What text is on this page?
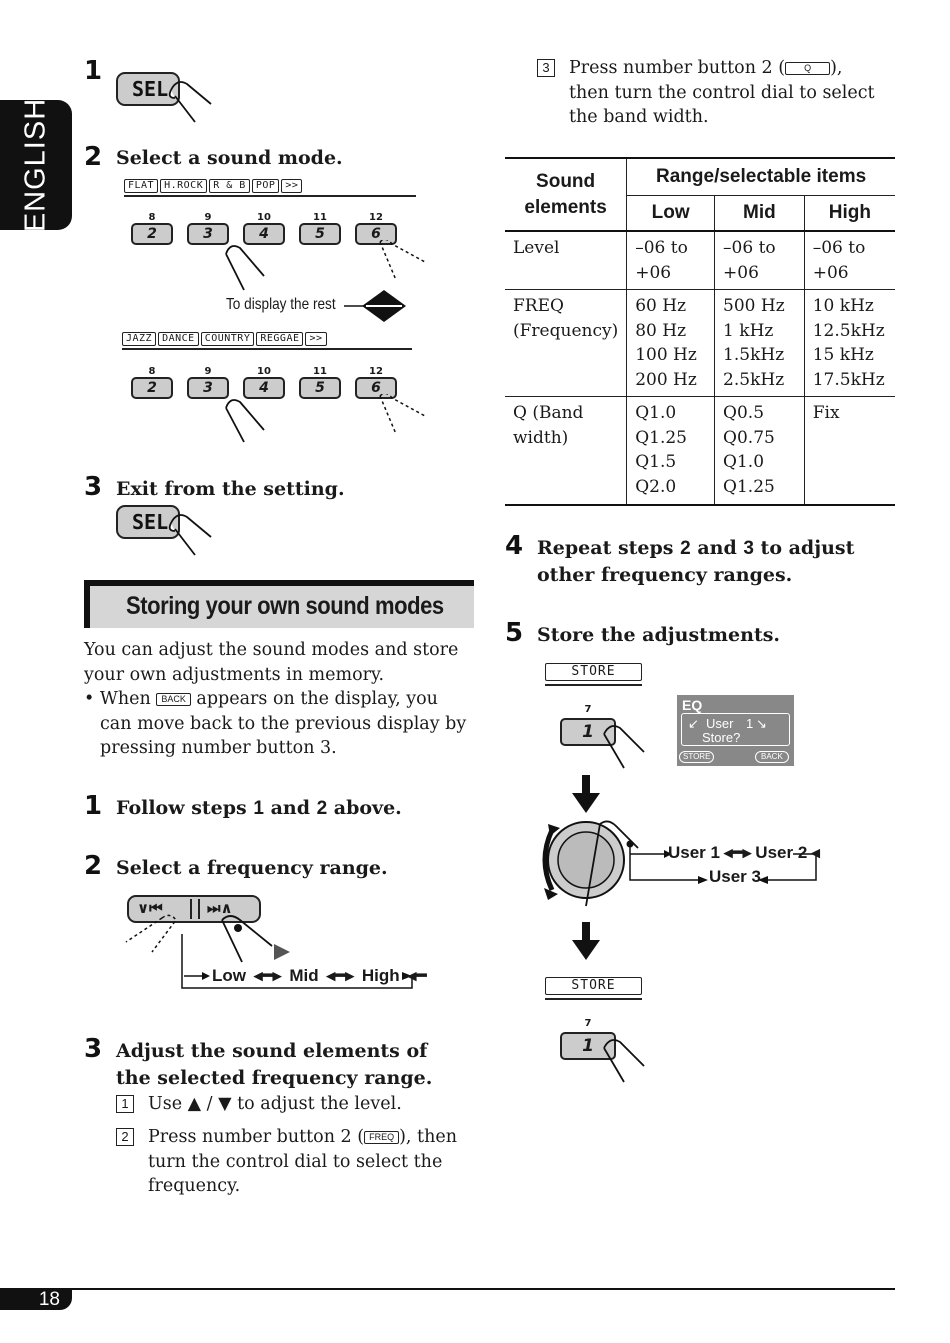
ENGLISH
1
SEL
2 Select a sound mode.
FLAT	H.ROCK	R & B	POP	>>
8
2
9
3
10
4
11
5
12
6
To display the rest
JAZZ	DANCE	COUNTRY	REGGAE	>>
8
2
9
3
10
4
11
5
12
6
3 Exit from the setting.
SEL
Storing your own sound modes
You can adjust the sound modes and store your own adjustments in memory.
• When BACK appears on the display, you can move back to the previous display by pressing number button 3.
1 Follow steps 1 and 2 above.
2 Select a frequency range.
∨⏮	⏭∧
Low ◂━▸ Mid ◂━▸ High ◂━
3 Adjust the sound elements of the selected frequency range.
1	Use ▲ / ▼ to adjust the level.
2	Press number button 2 ( FREQ ), then turn the control dial to select the frequency.
3	Press number button 2 ( Q ), then turn the control dial to select the band width.
Sound elements	Range/selectable items		
	Low	Mid	High
Level	–06 to +06	–06 to +06	–06 to +06
FREQ (Frequency)	60 Hz 80 Hz 100 Hz 200 Hz	500 Hz 1 kHz 1.5kHz 2.5kHz	10 kHz 12.5kHz 15 kHz 17.5kHz
Q (Band width)	Q1.0 Q1.25 Q1.5 Q2.0	Q0.5 Q0.75 Q1.0 Q1.25	Fix
4 Repeat steps 2 and 3 to adjust other frequency ranges.
5 Store the adjustments.
STORE
7
1
EQ
↙ User 1 ↘
Store?
STORE	BACK
User 1 ◂━▸ User 2 ◂
User 3
STORE
7
1
18
